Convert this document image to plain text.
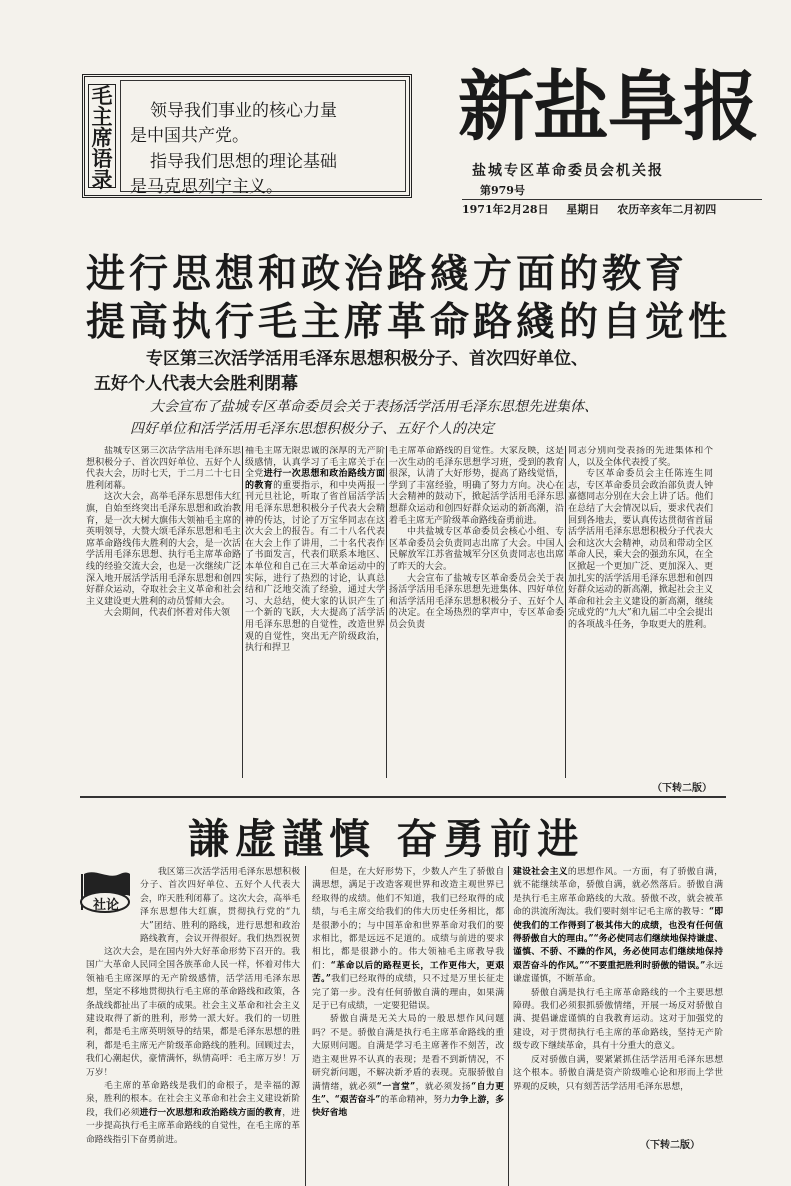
毛
主
席
语
录
领导我们事业的核心力量
是中国共产党。
指导我们思想的理论基础
是马克思列宁主义。
新盐阜报
盐城专区革命委员会机关报
第979号
1971年2月28日 星期日 农历辛亥年二月初四
进行思想和政治路綫方面的教育
提高执行毛主席革命路綫的自觉性
专区第三次活学活用毛泽东思想积极分子、首次四好单位、
五好个人代表大会胜利閉幕
大会宣布了盐城专区革命委员会关于表扬活学活用毛泽东思想先进集体、
四好单位和活学活用毛泽东思想积极分子、五好个人的决定

盐城专区第三次活学活用毛泽东思想积极分子、首次四好单位、五好个人代表大会，历时七天，于二月二十七日胜利闭幕。

这次大会，高举毛泽东思想伟大红旗，自始至终突出毛泽东思想和政治教育，是一次大树大旗伟大领袖毛主席的英明领导，大赞大颂毛泽东思想和毛主席革命路线伟大胜利的大会，是一次活学活用毛泽东思想、执行毛主席革命路线的经验交流大会，也是一次继续广泛深入地开展活学活用毛泽东思想和创四好群众运动，夺取社会主义革命和社会主义建设更大胜利的动员誓师大会。

大会期间，代表们怀着对伟大领

袖毛主席无限忠诚的深厚的无产阶级感情，认真学习了毛主席关于在全党进行一次思想和政治路线方面的教育的重要指示，和中央两报一刊元旦社论，听取了省首届活学活用毛泽东思想积极分子代表大会精神的传达，讨论了万宝华同志在这次大会上的报告。有二十八名代表在大会上作了讲用，二十名代表作了书面发言，代表们联系本地区、本单位和自己在三大革命运动中的实际，进行了热烈的讨论，认真总结和广泛地交流了经验，通过大学习、大总结，使大家的认识产生了一个新的飞跃，大大提高了活学活用毛泽东思想的自觉性，改造世界观的自觉性，突出无产阶级政治，执行和捍卫

毛主席革命路线的自觉性。大家反映，这是一次生动的毛泽东思想学习班，受到的教育很深，认清了大好形势，提高了路线觉悟，学到了丰富经验，明确了努力方向。决心在大会精神的鼓动下，掀起活学活用毛泽东思想群众运动和创四好群众运动的新高潮，沿着毛主席无产阶级革命路线奋勇前进。

中共盐城专区革命委员会核心小组、专区革命委员会负责同志出席了大会。中国人民解放军江苏省盐城军分区负责同志也出席了昨天的大会。

大会宣布了盐城专区革命委员会关于表扬活学活用毛泽东思想先进集体、四好单位和活学活用毛泽东思想积极分子、五好个人的决定。在全场热烈的掌声中，专区革命委员会负责

同志分别向受表扬的先进集体和个人，以及全体代表授了奖。

专区革命委员会主任陈连生同志，专区革命委员会政治部负责人钟嘉德同志分别在大会上讲了话。他们在总结了大会情况以后，要求代表们回到各地去，要认真传达贯彻省首届活学活用毛泽东思想积极分子代表大会和这次大会精神，动员和带动全区革命人民，乘大会的强劲东风，在全区掀起一个更加广泛、更加深入、更加扎实的活学活用毛泽东思想和创四好群众运动的新高潮，掀起社会主义革命和社会主义建设的新高潮，继续完成党的“九大”和九届二中全会提出的各项战斗任务，争取更大的胜利。

（下转二版）
謙虚謹慎 奋勇前进
社论

我区第三次活学活用毛泽东思想积极分子、首次四好单位、五好个人代表大会，昨天胜利闭幕了。这次大会，高举毛泽东思想伟大红旗，贯彻执行党的“九大”团结、胜利的路线，进行思想和政治路线教育，会议开得很好。我们热烈祝贺

这次大会，是在国内外大好革命形势下召开的。我国广大革命人民同全国各族革命人民一样，怀着对伟大领袖毛主席深厚的无产阶级感情，活学活用毛泽东思想，坚定不移地贯彻执行毛主席的革命路线和政策，各条战线都扯出了丰硕的成果。社会主义革命和社会主义建设取得了新的胜利，形势一派大好。我们的一切胜利，都是毛主席英明领导的结果，都是毛泽东思想的胜利，都是毛主席无产阶级革命路线的胜利。回顾过去，我们心潮起伏，豪情满怀，纵情高呼：毛主席万岁！万万岁！

毛主席的革命路线是我们的命根子，是幸福的源泉，胜利的根本。在社会主义革命和社会主义建设新阶段，我们必须进行一次思想和政治路线方面的教育，进一步提高执行毛主席革命路线的自觉性，在毛主席的革命路线指引下奋勇前进。

但是，在大好形势下，少数人产生了骄傲自满思想，满足于改造客观世界和改造主观世界已经取得的成绩。他们不知道，我们已经取得的成绩，与毛主席交给我们的伟大历史任务相比，都是很渺小的；与中国革命和世界革命对我们的要求相比，都是远远不足道的。成绩与前进的要求相比，都是很渺小的。伟大领袖毛主席教导我们：“革命以后的路程更长，工作更伟大，更艰苦。”我们已经取得的成绩，只不过是万里长征走完了第一步。没有任何骄傲自满的理由，如果满足于已有成绩，一定要犯错误。

骄傲自满是无关大局的一般思想作风问题吗？不是。骄傲自满是执行毛主席革命路线的重大原则问题。自满是学习毛主席著作不刻苦，改造主观世界不认真的表现；是看不到新情况，不研究新问题，不解决新矛盾的表现。克服骄傲自满情绪，就必须“一言堂”，就必须发扬“自力更生”、“艰苦奋斗”的革命精神，努力力争上游，多快好省地

建设社会主义的思想作风。一方面，有了骄傲自满，就不能继续革命，骄傲自满，就必然落后。骄傲自满是执行毛主席革命路线的大敌。骄傲不改，就会被革命的洪流所淘汰。我们要时刻牢记毛主席的教导：“即使我们的工作得到了极其伟大的成绩，也没有任何值得骄傲自大的理由。”“务必使同志们继续地保持谦虚、谨慎、不骄、不躁的作风，务必使同志们继续地保持艰苦奋斗的作风。”“不要重把胜利时骄傲的错误。”永远谦虚谨慎，不断革命。

骄傲自满是执行毛主席革命路线的一个主要思想障碍。我们必须狠抓骄傲情绪，开展一场反对骄傲自满、提倡谦虚谨慎的自我教育运动。这对于加强党的建设，对于贯彻执行毛主席的革命路线，坚持无产阶级专政下继续革命，具有十分重大的意义。

反对骄傲自满，要紧紧抓住活学活用毛泽东思想这个根本。骄傲自满是资产阶级唯心论和形而上学世界观的反映，只有刻苦活学活用毛泽东思想，

（下转二版）
